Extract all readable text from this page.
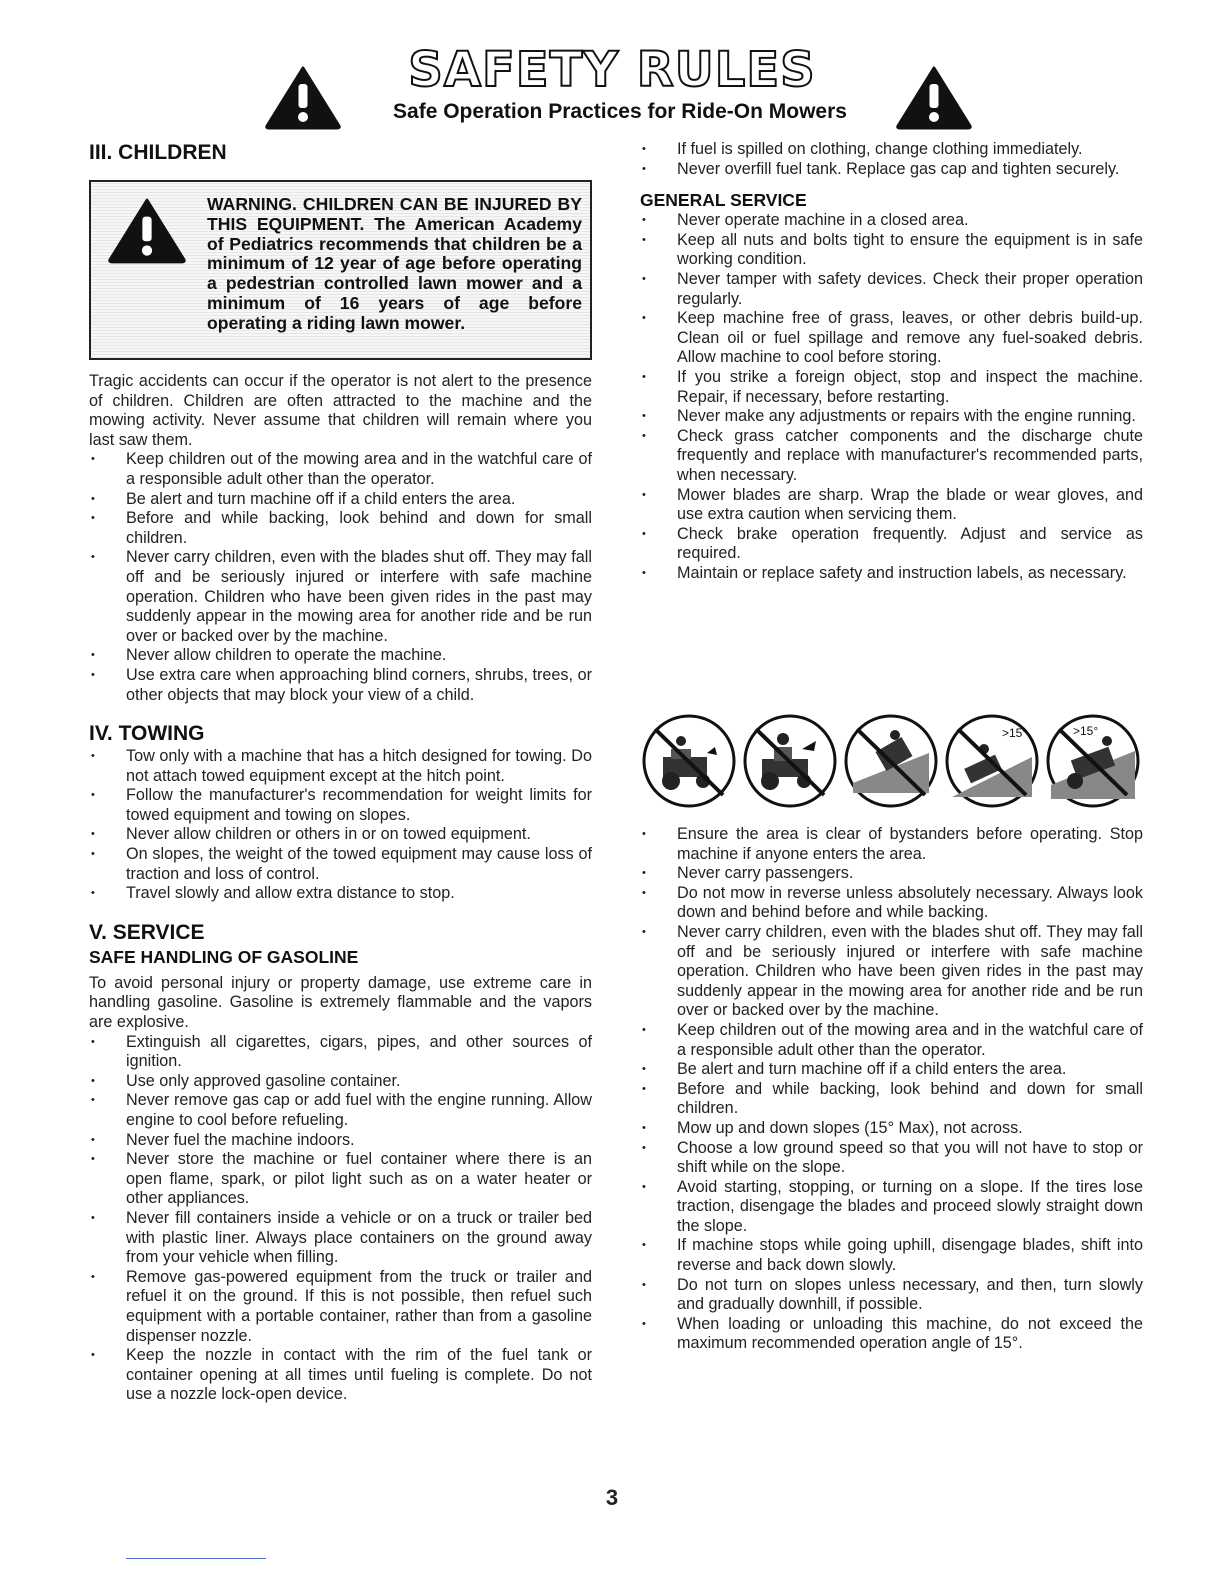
SAFETY RULES
Safe Operation Practices for Ride-On Mowers
III. CHILDREN
WARNING. CHILDREN CAN BE INJURED BY THIS EQUIPMENT. The American Academy of Pediatrics recommends that children be a minimum of 12 year of age before operating a pedestrian controlled lawn mower and a minimum of 16 years of age before operating a riding lawn mower.

Tragic accidents can occur if the operator is not alert to the presence of children. Children are often attracted to the machine and the mowing activity. Never assume that children will remain where you last saw them.

• Keep children out of the mowing area and in the watchful care of a responsible adult other than the operator.
• Be alert and turn machine off if a child enters the area.
• Before and while backing, look behind and down for small children.
• Never carry children, even with the blades shut off. They may fall off and be seriously injured or interfere with safe machine operation. Children who have been given rides in the past may suddenly appear in the mowing area for another ride and be run over or backed over by the machine.
• Never allow children to operate the machine.
• Use extra care when approaching blind corners, shrubs, trees, or other objects that may block your view of a child.
IV. TOWING
• Tow only with a machine that has a hitch designed for towing. Do not attach towed equipment except at the hitch point.
• Follow the manufacturer's recommendation for weight limits for towed equipment and towing on slopes.
• Never allow children or others in or on towed equipment.
• On slopes, the weight of the towed equipment may cause loss of traction and loss of control.
• Travel slowly and allow extra distance to stop.
V. SERVICE
SAFE HANDLING OF GASOLINE

To avoid personal injury or property damage, use extreme care in handling gasoline. Gasoline is extremely flammable and the vapors are explosive.

• Extinguish all cigarettes, cigars, pipes, and other sources of ignition.
• Use only approved gasoline container.
• Never remove gas cap or add fuel with the engine running. Allow engine to cool before refueling.
• Never fuel the machine indoors.
• Never store the machine or fuel container where there is an open flame, spark, or pilot light such as on a water heater or other appliances.
• Never fill containers inside a vehicle or on a truck or trailer bed with plastic liner. Always place containers on the ground away from your vehicle when filling.
• Remove gas-powered equipment from the truck or trailer and refuel it on the ground. If this is not possible, then refuel such equipment with a portable container, rather than from a gasoline dispenser nozzle.
• Keep the nozzle in contact with the rim of the fuel tank or container opening at all times until fueling is complete. Do not use a nozzle lock-open device.
• If fuel is spilled on clothing, change clothing immediately.
• Never overfill fuel tank. Replace gas cap and tighten securely.
GENERAL SERVICE
• Never operate machine in a closed area.
• Keep all nuts and bolts tight to ensure the equipment is in safe working condition.
• Never tamper with safety devices. Check their proper operation regularly.
• Keep machine free of grass, leaves, or other debris build-up. Clean oil or fuel spillage and remove any fuel-soaked debris. Allow machine to cool before storing.
• If you strike a foreign object, stop and inspect the machine. Repair, if necessary, before restarting.
• Never make any adjustments or repairs with the engine running.
• Check grass catcher components and the discharge chute frequently and replace with manufacturer's recommended parts, when necessary.
• Mower blades are sharp. Wrap the blade or wear gloves, and use extra caution when servicing them.
• Check brake operation frequently. Adjust and service as required.
• Maintain or replace safety and instruction labels, as necessary.
>15°	>15°
• Ensure the area is clear of bystanders before operating. Stop machine if anyone enters the area.
• Never carry passengers.
• Do not mow in reverse unless absolutely necessary. Always look down and behind before and while backing.
• Never carry children, even with the blades shut off. They may fall off and be seriously injured or interfere with safe machine operation. Children who have been given rides in the past may suddenly appear in the mowing area for another ride and be run over or backed over by the machine.
• Keep children out of the mowing area and in the watchful care of a responsible adult other than the operator.
• Be alert and turn machine off if a child enters the area.
• Before and while backing, look behind and down for small children.
• Mow up and down slopes (15° Max), not across.
• Choose a low ground speed so that you will not have to stop or shift while on the slope.
• Avoid starting, stopping, or turning on a slope. If the tires lose traction, disengage the blades and proceed slowly straight down the slope.
• If machine stops while going uphill, disengage blades, shift into reverse and back down slowly.
• Do not turn on slopes unless necessary, and then, turn slowly and gradually downhill, if possible.
• When loading or unloading this machine, do not exceed the maximum recommended operation angle of 15°.
3
